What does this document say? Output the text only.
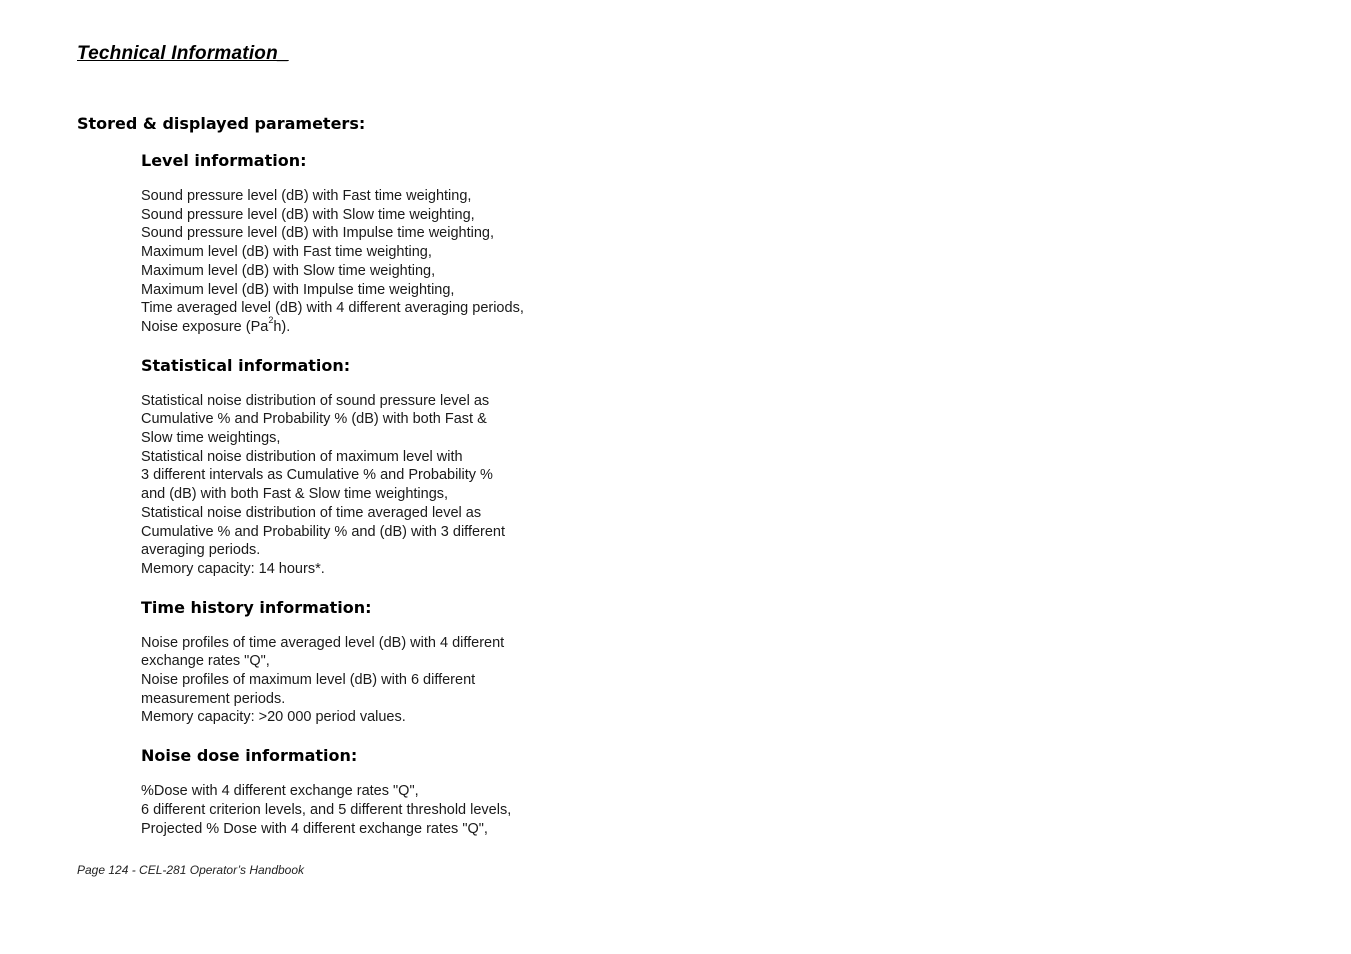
Technical Information_
Stored & displayed parameters:
Level information:
Sound pressure level (dB) with Fast time weighting,
Sound pressure level (dB) with Slow time weighting,
Sound pressure level (dB) with Impulse time weighting,
Maximum level (dB) with Fast time weighting,
Maximum level (dB) with Slow time weighting,
Maximum level (dB) with Impulse time weighting,
Time averaged level (dB) with 4 different averaging periods,
Noise exposure (Pa$^2$h).
Statistical information:
Statistical noise distribution of sound pressure level as
Cumulative % and Probability % (dB) with both Fast &
Slow time weightings,
Statistical noise distribution of maximum level with
3 different intervals as Cumulative % and Probability %
and (dB) with both Fast & Slow time weightings,
Statistical noise distribution of time averaged level as
Cumulative % and Probability % and (dB) with 3 different
averaging periods.
Memory capacity: 14 hours*.
Time history information:
Noise profiles of time averaged level (dB) with 4 different
exchange rates "Q",
Noise profiles of maximum level (dB) with 6 different
measurement periods.
Memory capacity: >20 000 period values.
Noise dose information:
%Dose with 4 different exchange rates "Q",
6 different criterion levels, and 5 different threshold levels,
Projected % Dose with 4 different exchange rates "Q",
Page 124 - CEL-281 Operator’s Handbook
